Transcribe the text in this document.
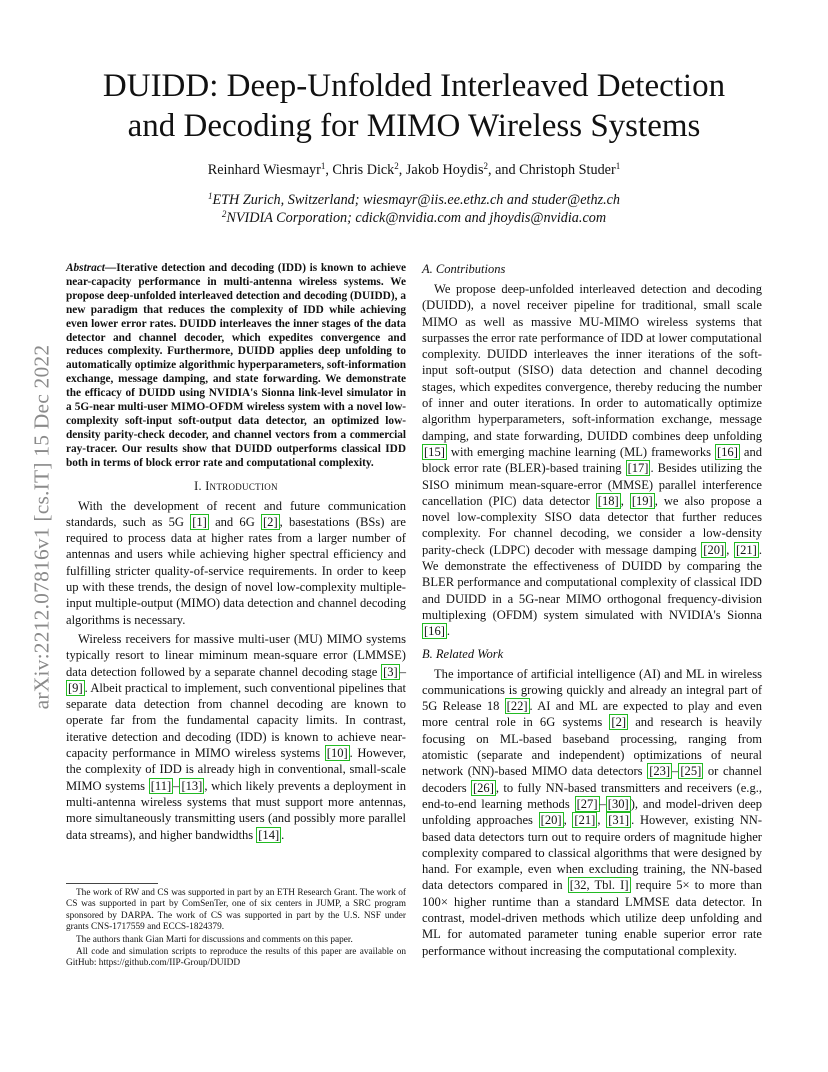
arXiv:2212.07816v1 [cs.IT] 15 Dec 2022
DUIDD: Deep-Unfolded Interleaved Detection
and Decoding for MIMO Wireless Systems
Reinhard Wiesmayr$^1$, Chris Dick$^2$, Jakob Hoydis$^2$, and Christoph Studer$^1$
$^1$ETH Zurich, Switzerland; wiesmayr@iis.ee.ethz.ch and studer@ethz.ch
$^2$NVIDIA Corporation; cdick@nvidia.com and jhoydis@nvidia.com

Abstract—Iterative detection and decoding (IDD) is known to achieve near-capacity performance in multi-antenna wireless systems. We propose deep-unfolded interleaved detection and decoding (DUIDD), a new paradigm that reduces the complexity of IDD while achieving even lower error rates. DUIDD interleaves the inner stages of the data detector and channel decoder, which expedites convergence and reduces complexity. Furthermore, DUIDD applies deep unfolding to automatically optimize algorithmic hyperparameters, soft-information exchange, message damping, and state forwarding. We demonstrate the efficacy of DUIDD using NVIDIA's Sionna link-level simulator in a 5G-near multi-user MIMO-OFDM wireless system with a novel low-complexity soft-input soft-output data detector, an optimized low-density parity-check decoder, and channel vectors from a commercial ray-tracer. Our results show that DUIDD outperforms classical IDD both in terms of block error rate and computational complexity.

I. Introduction

With the development of recent and future communication standards, such as 5G [1] and 6G [2] , basestations (BSs) are required to process data at higher rates from a larger number of antennas and users while achieving higher spectral efficiency and fulfilling stricter quality-of-service requirements. In order to keep up with these trends, the design of novel low-complexity multiple-input multiple-output (MIMO) data detection and channel decoding algorithms is necessary.

Wireless receivers for massive multi-user (MU) MIMO systems typically resort to linear miminum mean-square error (LMMSE) data detection followed by a separate channel decoding stage [3] –[9] . Albeit practical to implement, such conventional pipelines that separate data detection from channel decoding are known to operate far from the fundamental capacity limits. In contrast, iterative detection and decoding (IDD) is known to achieve near-capacity performance in MIMO wireless systems [10] . However, the complexity of IDD is already high in conventional, small-scale MIMO systems [11] – [13] , which likely prevents a deployment in multi-antenna wireless systems that must support more antennas, more simultaneously transmitting users (and possibly more parallel data streams), and higher bandwidths [14] .

The work of RW and CS was supported in part by an ETH Research Grant. The work of CS was supported in part by ComSenTer, one of six centers in JUMP, a SRC program sponsored by DARPA. The work of CS was supported in part by the U.S. NSF under grants CNS-1717559 and ECCS-1824379.

The authors thank Gian Marti for discussions and comments on this paper.

All code and simulation scripts to reproduce the results of this paper are available on GitHub: https://github.com/IIP-Group/DUIDD

A. Contributions

We propose deep-unfolded interleaved detection and decoding (DUIDD), a novel receiver pipeline for traditional, small scale MIMO as well as massive MU-MIMO wireless systems that surpasses the error rate performance of IDD at lower computational complexity. DUIDD interleaves the inner iterations of the soft-input soft-output (SISO) data detection and channel decoding stages, which expedites convergence, thereby reducing the number of inner and outer iterations. In order to automatically optimize algorithm hyperparameters, soft-information exchange, message damping, and state forwarding, DUIDD combines deep unfolding [15] with emerging machine learning (ML) frameworks [16] and block error rate (BLER)-based training [17] . Besides utilizing the SISO minimum mean-square-error (MMSE) parallel interference cancellation (PIC) data detector [18] , [19] , we also propose a novel low-complexity SISO data detector that further reduces complexity. For channel decoding, we consider a low-density parity-check (LDPC) decoder with message damping [20] , [21] . We demonstrate the effectiveness of DUIDD by comparing the BLER performance and computational complexity of classical IDD and DUIDD in a 5G-near MIMO orthogonal frequency-division multiplexing (OFDM) system simulated with NVIDIA's Sionna [16] .

B. Related Work

The importance of artificial intelligence (AI) and ML in wireless communications is growing quickly and already an integral part of 5G Release 18 [22] . AI and ML are expected to play and even more central role in 6G systems [2] and research is heavily focusing on ML-based baseband processing, ranging from atomistic (separate and independent) optimizations of neural network (NN)-based MIMO data detectors [23] – [25] or channel decoders [26] , to fully NN-based transmitters and receivers (e.g., end-to-end learning methods [27] – [30] ), and model-driven deep unfolding approaches [20] , [21] , [31] . However, existing NN-based data detectors turn out to require orders of magnitude higher complexity compared to classical algorithms that were designed by hand. For example, even when excluding training, the NN-based data detectors compared in [32, Tbl. I] require 5× to more than 100× higher runtime than a standard LMMSE data detector. In contrast, model-driven methods which utilize deep unfolding and ML for automated parameter tuning enable superior error rate performance without increasing the computational complexity.
